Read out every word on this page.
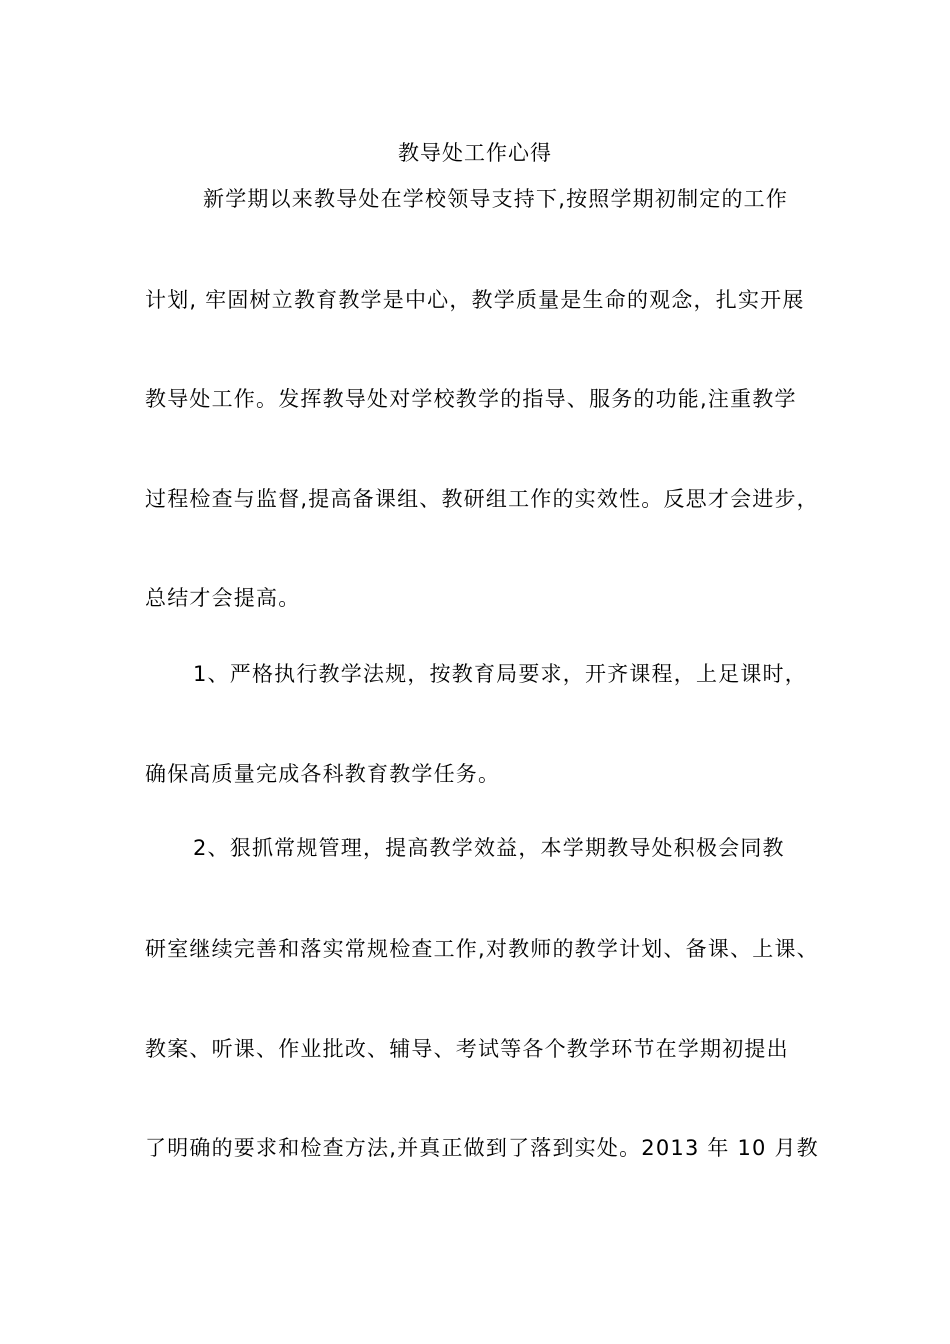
教导处工作心得
新学期以来教导处在学校领导支持下,按照学期初制定的工作
计划, 牢固树立教育教学是中心，教学质量是生命的观念，扎实开展
教导处工作。发挥教导处对学校教学的指导、服务的功能,注重教学
过程检查与监督,提高备课组、教研组工作的实效性。反思才会进步，
总结才会提高。
1、严格执行教学法规，按教育局要求，开齐课程，上足课时，
确保高质量完成各科教育教学任务。
2、狠抓常规管理，提高教学效益，本学期教导处积极会同教
研室继续完善和落实常规检查工作,对教师的教学计划、备课、上课、
教案、听课、作业批改、辅导、考试等各个教学环节在学期初提出
了明确的要求和检查方法,并真正做到了落到实处。2013 年 10 月教
